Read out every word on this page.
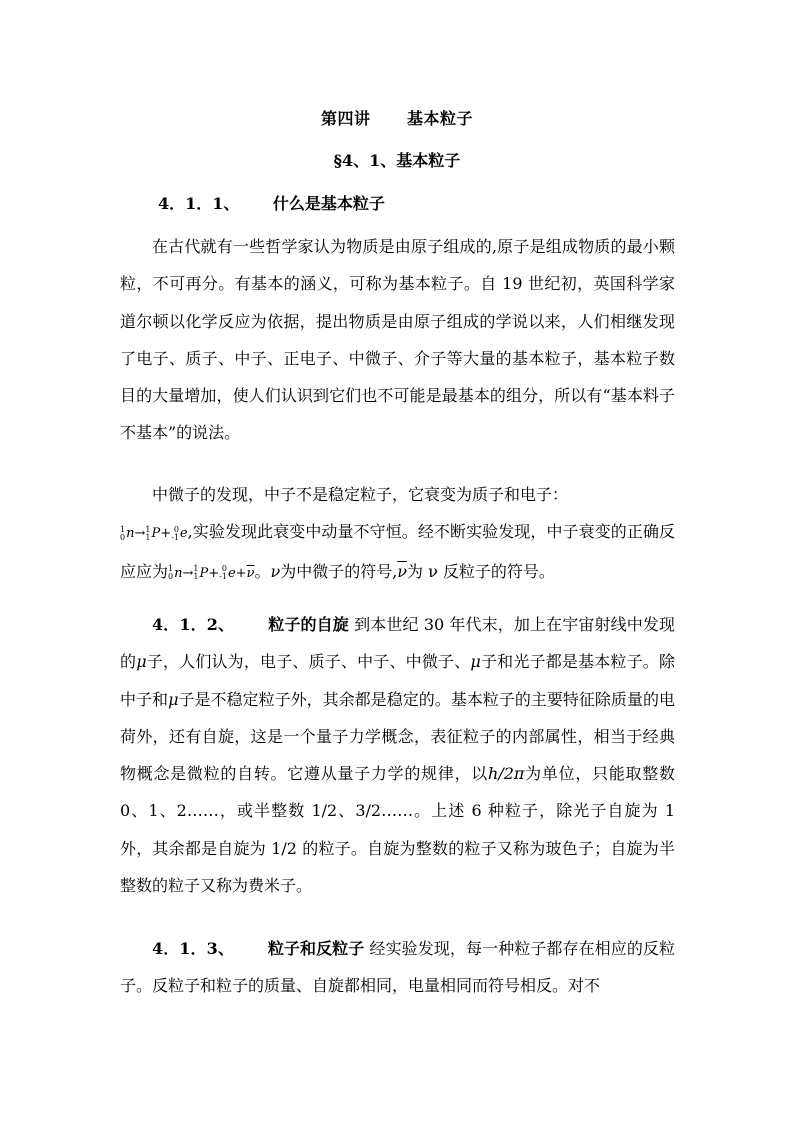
第四讲      基本粒子
§4、1、基本粒子
4．1．1、      什么是基本粒子
在古代就有一些哲学家认为物质是由原子组成的,原子是组成物质的最小颗粒，不可再分。有基本的涵义，可称为基本粒子。自 19 世纪初，英国科学家道尔顿以化学反应为依据，提出物质是由原子组成的学说以来，人们相继发现了电子、质子、中子、正电子、中微子、介子等大量的基本粒子，基本粒子数目的大量增加，使人们认识到它们也不可能是最基本的组分，所以有“基本料子不基本”的说法。
中微子的发现，中子不是稳定粒子，它衰变为质子和电子：

1
0 n→ 1
1 P+ 0
-1 e,实验发现此衰变中动量不守恒。经不断实验发现，中子衰变的正确反应应为 1
0 n→ 1
1 P+ 0
-1 $e+\overline{\nu}$。ν为中微子的符号$,\overline{\nu}$为 ν 反粒子的符号。
4．1．2、      粒子的自旋 到本世纪 30 年代末，加上在宇宙射线中发现的μ子，人们认为，电子、质子、中子、中微子、μ子和光子都是基本粒子。除中子和μ子是不稳定粒子外，其余都是稳定的。基本粒子的主要特征除质量的电荷外，还有自旋，这是一个量子力学概念，表征粒子的内部属性，相当于经典物概念是微粒的自转。它遵从量子力学的规律，以h/2π为单位，只能取整数 0、1、2……，或半整数 1/2、3/2……。上述 6 种粒子，除光子自旋为 1 外，其余都是自旋为 1/2 的粒子。自旋为整数的粒子又称为玻色子；自旋为半整数的粒子又称为费米子。
4．1．3、      粒子和反粒子 经实验发现，每一种粒子都存在相应的反粒子。反粒子和粒子的质量、自旋都相同，电量相同而符号相反。对不
